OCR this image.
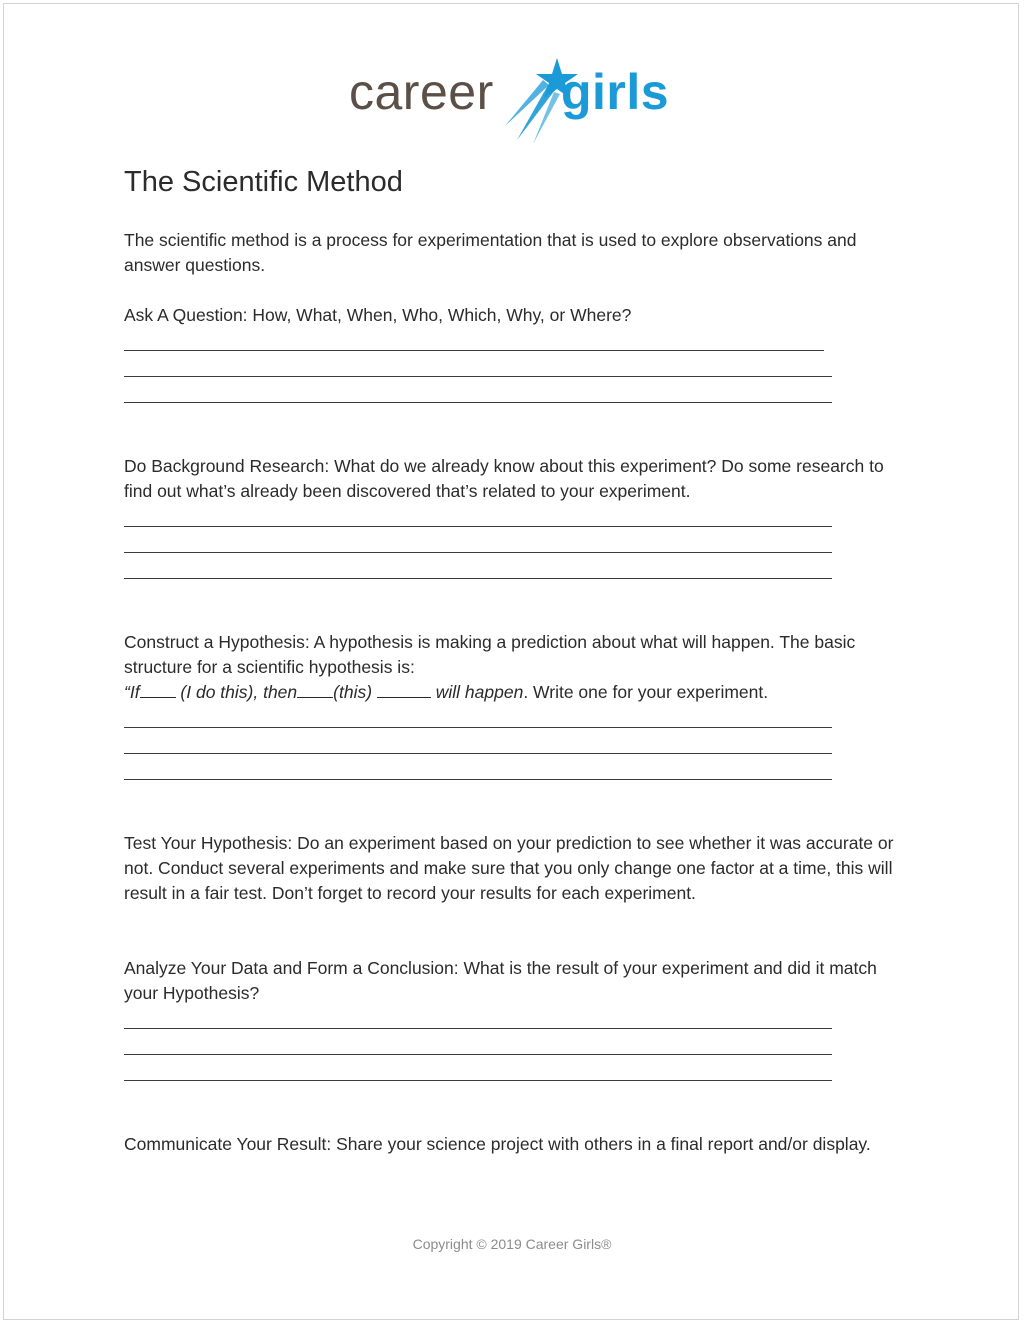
career girls
The Scientific Method

The scientific method is a process for experimentation that is used to explore observations and answer questions.

Ask A Question: How, What, When, Who, Which, Why, or Where?

Do Background Research: What do we already know about this experiment? Do some research to find out what’s already been discovered that’s related to your experiment.

Construct a Hypothesis: A hypothesis is making a prediction about what will happen. The basic structure for a scientific hypothesis is:
“If (I do this), then (this)	will happen. Write one for your experiment.

Test Your Hypothesis: Do an experiment based on your prediction to see whether it was accurate or not. Conduct several experiments and make sure that you only change one factor at a time, this will result in a fair test. Don’t forget to record your results for each experiment.

Analyze Your Data and Form a Conclusion: What is the result of your experiment and did it match your Hypothesis?

Communicate Your Result: Share your science project with others in a final report and/or display.

Copyright © 2019 Career Girls®
